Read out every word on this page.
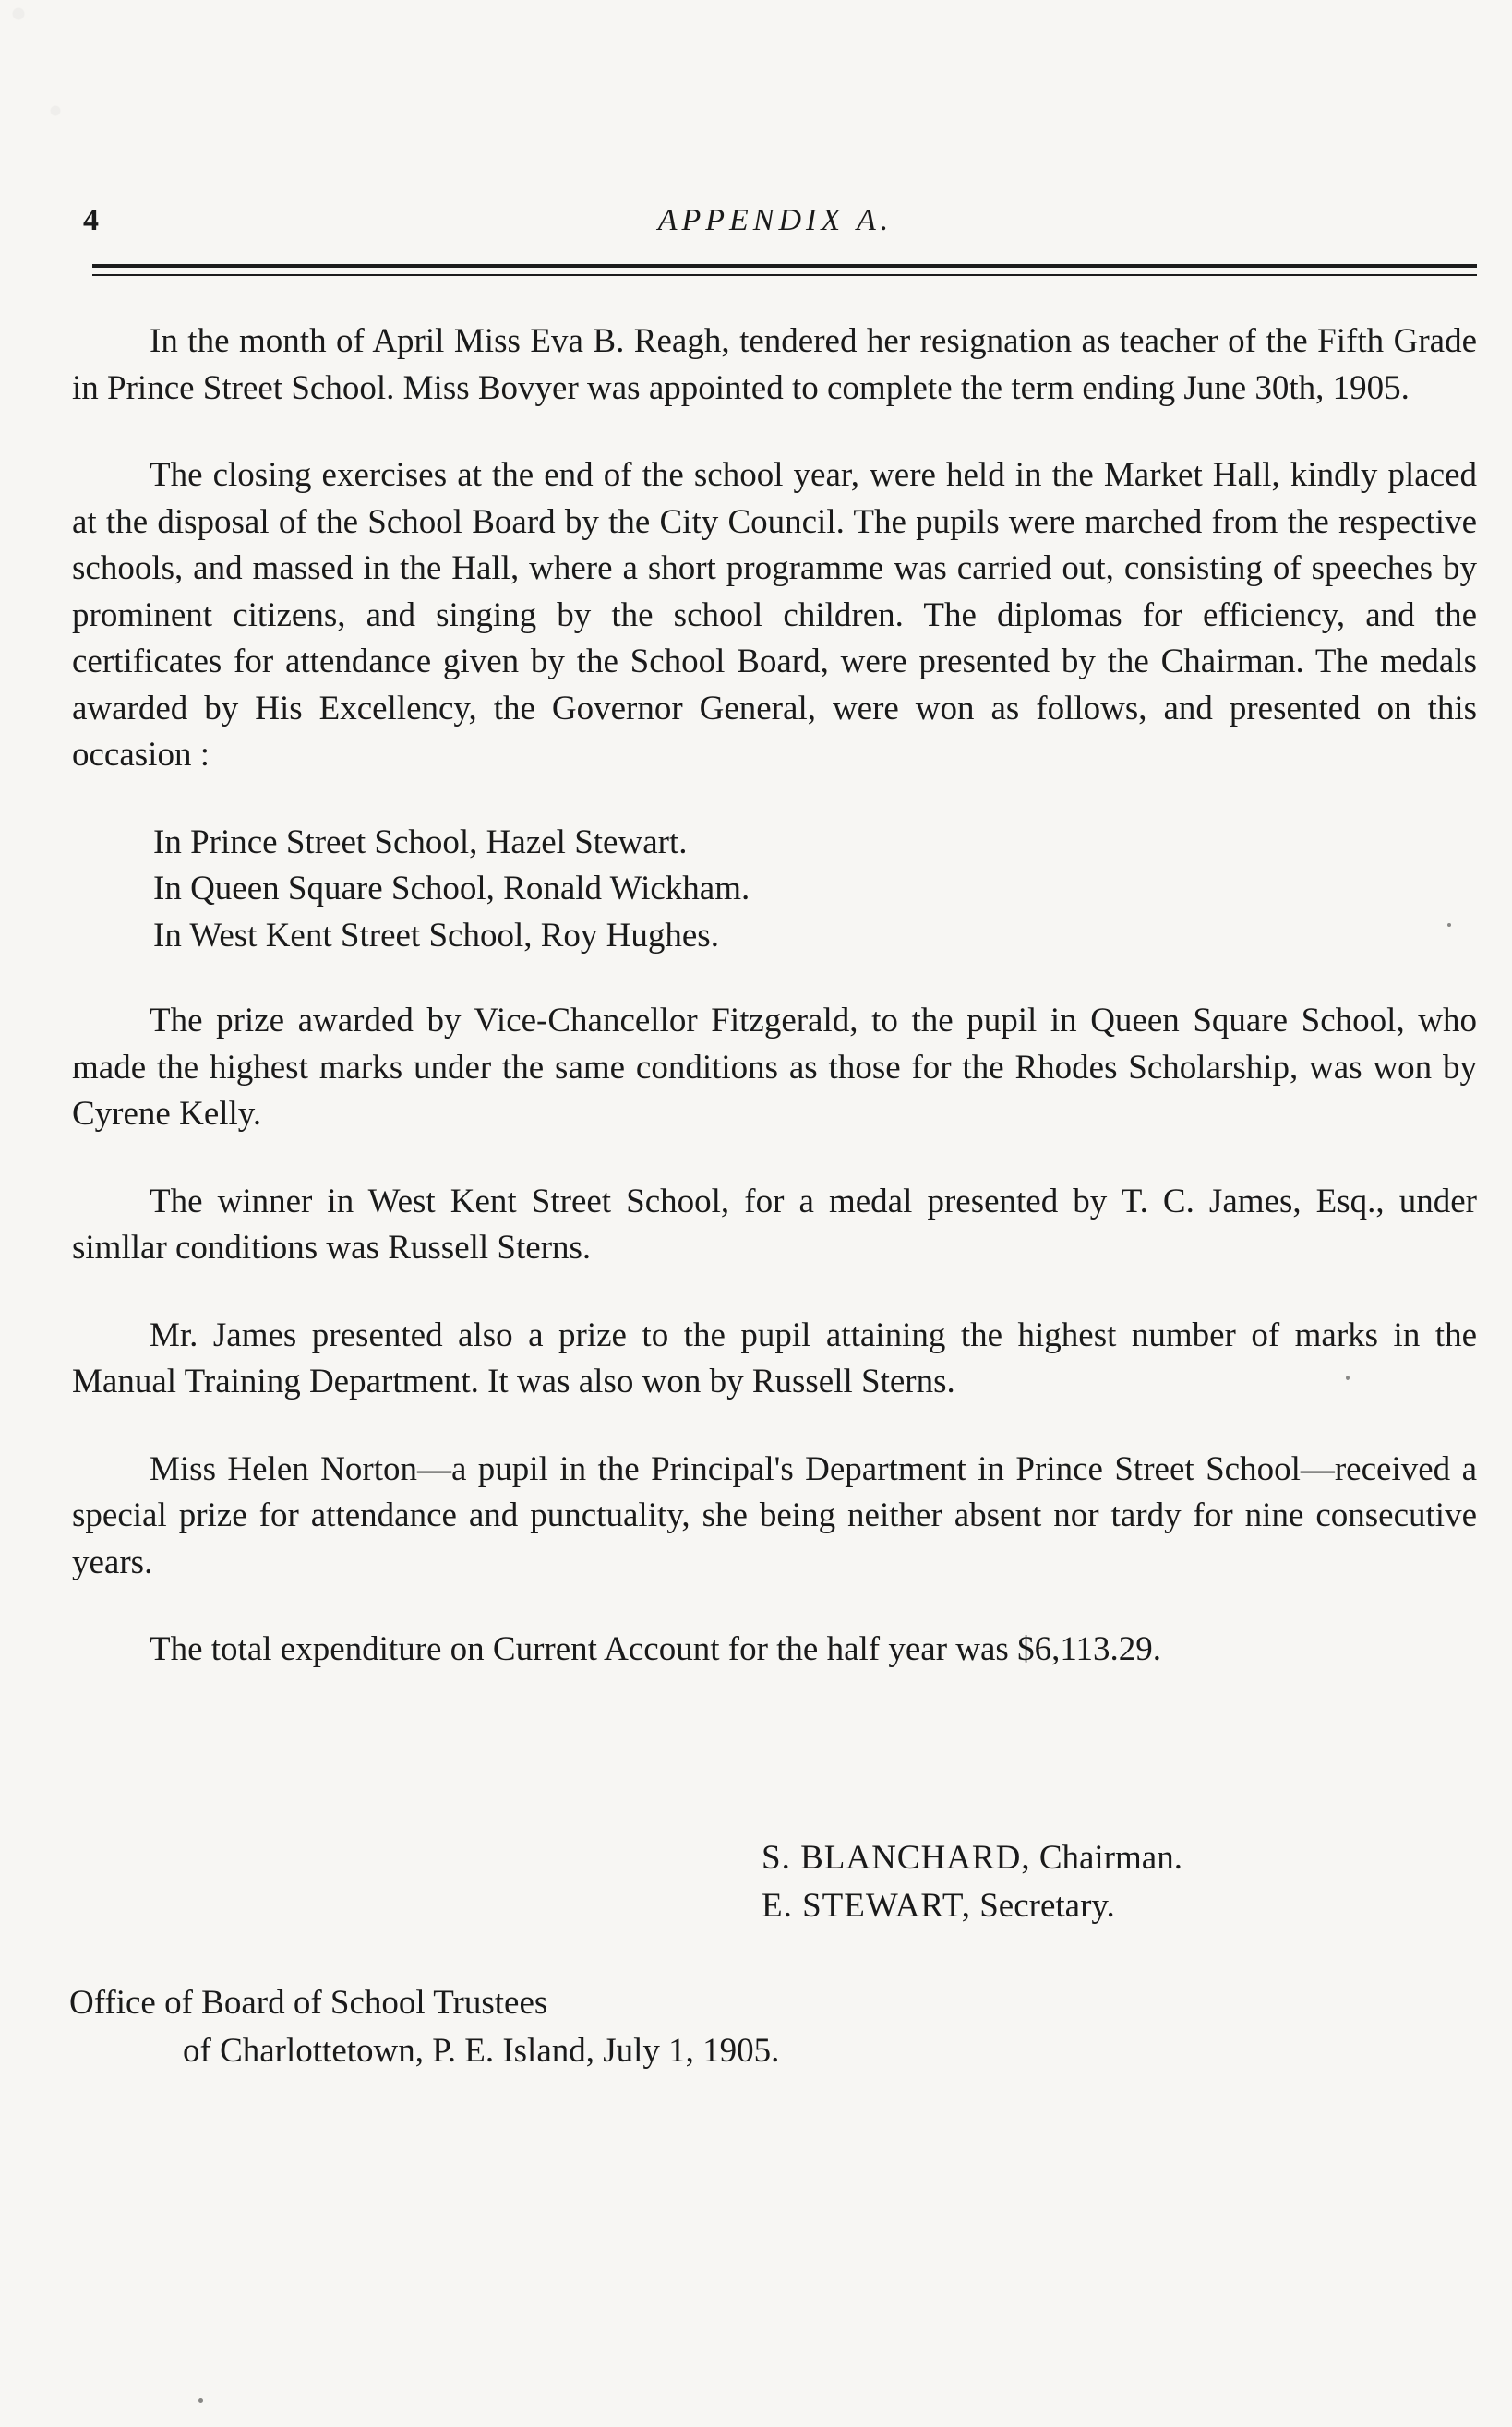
4	APPENDIX A.

In the month of April Miss Eva B. Reagh, tendered her resignation as teacher of the Fifth Grade in Prince Street School. Miss Bovyer was appointed to complete the term ending June 30th, 1905.

The closing exercises at the end of the school year, were held in the Market Hall, kindly placed at the disposal of the School Board by the City Council. The pupils were marched from the respective schools, and massed in the Hall, where a short programme was carried out, consisting of speeches by prominent citizens, and singing by the school children. The diplomas for efficiency, and the certificates for attendance given by the School Board, were presented by the Chairman. The medals awarded by His Excellency, the Governor General, were won as follows, and presented on this occasion :

In Prince Street School, Hazel Stewart.

In Queen Square School, Ronald Wickham.

In West Kent Street School, Roy Hughes.

The prize awarded by Vice-Chancellor Fitzgerald, to the pupil in Queen Square School, who made the highest marks under the same conditions as those for the Rhodes Scholarship, was won by Cyrene Kelly.

The winner in West Kent Street School, for a medal presented by T. C. James, Esq., under simllar conditions was Russell Sterns.

Mr. James presented also a prize to the pupil attaining the highest number of marks in the Manual Training Department. It was also won by Russell Sterns.

Miss Helen Norton—a pupil in the Principal's Department in Prince Street School—received a special prize for attendance and punctuality, she being neither absent nor tardy for nine consecutive years.

The total expenditure on Current Account for the half year was $6,113.29.

S. BLANCHARD, Chairman.
E. STEWART, Secretary.
Office of Board of School Trustees
of Charlottetown, P. E. Island, July 1, 1905.
